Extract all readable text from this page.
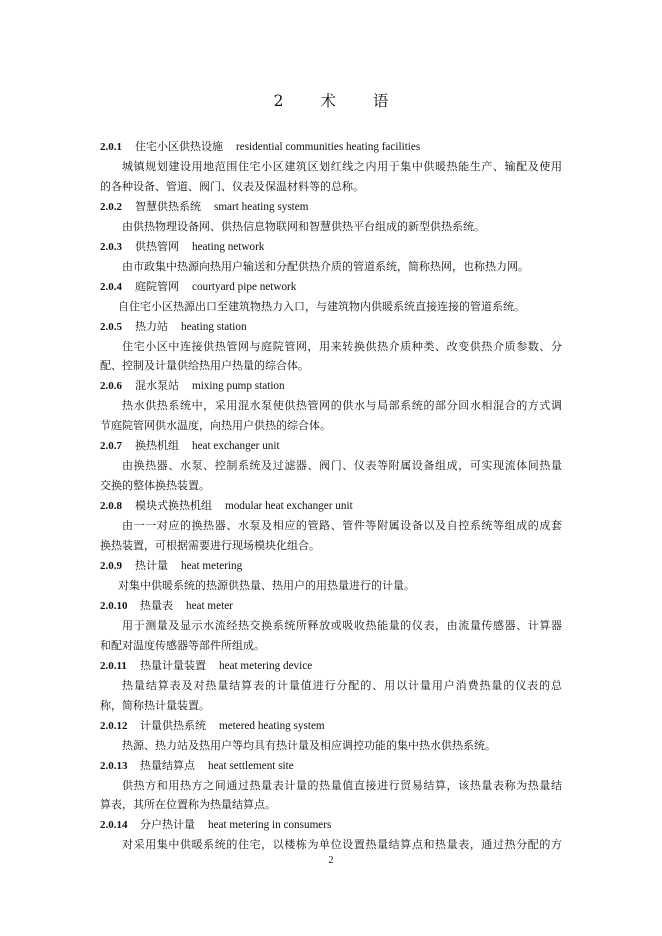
2 术 语
2.0.1 住宅小区供热设施 residential communities heating facilities
城镇规划建设用地范围住宅小区建筑区划红线之内用于集中供暖热能生产、输配及使用
的各种设备、管道、阀门、仪表及保温材料等的总称。
2.0.2 智慧供热系统 smart heating system
由供热物理设备网、供热信息物联网和智慧供热平台组成的新型供热系统。
2.0.3 供热管网 heating network
由市政集中热源向热用户输送和分配供热介质的管道系统，简称热网，也称热力网。
2.0.4 庭院管网 courtyard pipe network
自住宅小区热源出口至建筑物热力入口，与建筑物内供暖系统直接连接的管道系统。
2.0.5 热力站 heating station
住宅小区中连接供热管网与庭院管网，用来转换供热介质种类、改变供热介质参数、分
配、控制及计量供给热用户热量的综合体。
2.0.6 混水泵站 mixing pump station
热水供热系统中，采用混水泵使供热管网的供水与局部系统的部分回水相混合的方式调
节庭院管网供水温度，向热用户供热的综合体。
2.0.7 换热机组 heat exchanger unit
由换热器、水泵、控制系统及过滤器、阀门、仪表等附属设备组成，可实现流体间热量
交换的整体换热装置。
2.0.8 模块式换热机组 modular heat exchanger unit
由一一对应的换热器、水泵及相应的管路、管件等附属设备以及自控系统等组成的成套
换热装置，可根据需要进行现场模块化组合。
2.0.9 热计量 heat metering
对集中供暖系统的热源供热量、热用户的用热量进行的计量。
2.0.10 热量表 heat meter
用于测量及显示水流经热交换系统所释放或吸收热能量的仪表，由流量传感器、计算器
和配对温度传感器等部件所组成。
2.0.11 热量计量装置 heat metering device
热量结算表及对热量结算表的计量值进行分配的、用以计量用户消费热量的仪表的总
称，简称热计量装置。
2.0.12 计量供热系统 metered heating system
热源、热力站及热用户等均具有热计量及相应调控功能的集中热水供热系统。
2.0.13 热量结算点 heat settlement site
供热方和用热方之间通过热量表计量的热量值直接进行贸易结算，该热量表称为热量结
算表，其所在位置称为热量结算点。
2.0.14 分户热计量 heat metering in consumers
对采用集中供暖系统的住宅，以楼栋为单位设置热量结算点和热量表，通过热分配的方
2
